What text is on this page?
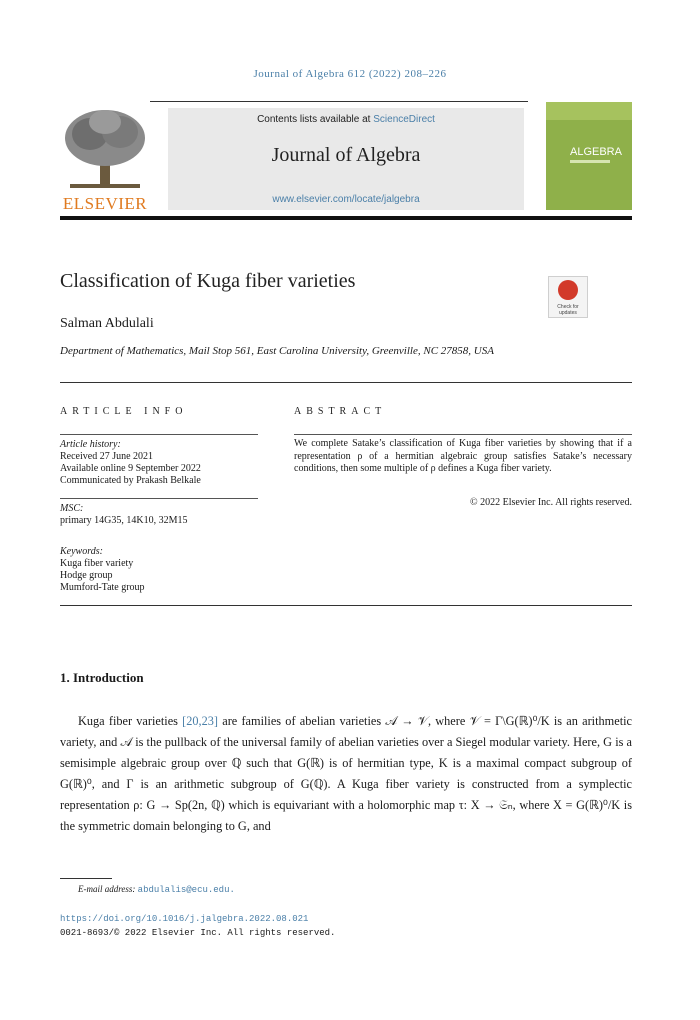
Journal of Algebra 612 (2022) 208–226
ELSEVIER
Contents lists available at ScienceDirect
Journal of Algebra
www.elsevier.com/locate/jalgebra
ALGEBRA
Classification of Kuga fiber varieties
Check for updates
Salman Abdulali
Department of Mathematics, Mail Stop 561, East Carolina University, Greenville, NC 27858, USA
ARTICLE INFO	ABSTRACT
Article history:
Received 27 June 2021
Available online 9 September 2022
Communicated by Prakash Belkale
MSC:
primary 14G35, 14K10, 32M15
Keywords:
Kuga fiber variety
Hodge group
Mumford-Tate group
We complete Satake’s classification of Kuga fiber varieties by showing that if a representation ρ of a hermitian algebraic group satisfies Satake’s necessary conditions, then some multiple of ρ defines a Kuga fiber variety.
© 2022 Elsevier Inc. All rights reserved.
1. Introduction

Kuga fiber varieties [20,23] are families of abelian varieties 𝒜 → 𝒱, where 𝒱 = Γ\G(ℝ)⁰/K is an arithmetic variety, and 𝒜 is the pullback of the universal family of abelian varieties over a Siegel modular variety. Here, G is a semisimple algebraic group over ℚ such that G(ℝ) is of hermitian type, K is a maximal compact subgroup of G(ℝ)⁰, and Γ is an arithmetic subgroup of G(ℚ). A Kuga fiber variety is constructed from a symplectic representation ρ: G → Sp(2n, ℚ) which is equivariant with a holomorphic map τ: X → 𝔖ₙ, where X = G(ℝ)⁰/K is the symmetric domain belonging to G, and

E-mail address: abdulalis@ecu.edu.
https://doi.org/10.1016/j.jalgebra.2022.08.021
0021-8693/© 2022 Elsevier Inc. All rights reserved.
